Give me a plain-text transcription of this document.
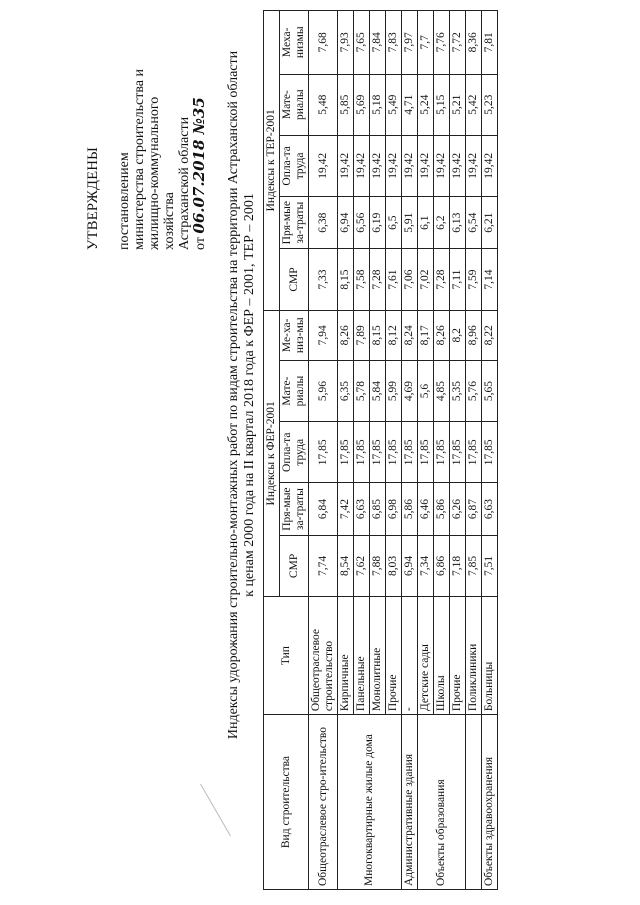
УТВЕРЖДЕНЫ постановлением министерства строительства и жилищно-коммунального хозяйства Астраханской области от 06.07.2018 №35 Индексы удорожания строительно-монтажных работ по видам строительства на территории Астраханской области к ценам 2000 года на II квартал 2018 года к ФЕР – 2001, ТЕР – 2001
Вид строительства	Тип	Индексы к ФЕР-2001					Индексы к ТЕР-2001				
		СМР	Пря-мые за-траты	Опла-та труда	Мате-риалы	Ме-ха-низ-мы	СМР	Пря-мые за-траты	Опла-та труда	Мате-риалы	Меха-низмы
Общеотраслевое стро-ительство	Общеотраслевое строительство	7,74	6,84	17,85	5,96	7,94	7,33	6,38	19,42	5,48	7,68
Многоквартирные жилые дома	Кирпичные	8,54	7,42	17,85	6,35	8,26	8,15	6,94	19,42	5,85	7,93
	Панельные	7,62	6,63	17,85	5,78	7,89	7,58	6,56	19,42	5,69	7,65
	Монолитные	7,88	6,85	17,85	5,84	8,15	7,28	6,19	19,42	5,18	7,84
	Прочие	8,03	6,98	17,85	5,99	8,12	7,61	6,5	19,42	5,49	7,83
Административные здания	-	6,94	5,86	17,85	4,69	8,24	7,06	5,91	19,42	4,71	7,97
Объекты образования	Детские сады	7,34	6,46	17,85	5,6	8,17	7,02	6,1	19,42	5,24	7,7
	Школы	6,86	5,86	17,85	4,85	8,26	7,28	6,2	19,42	5,15	7,76
	Прочие	7,18	6,26	17,85	5,35	8,2	7,11	6,13	19,42	5,21	7,72
	Поликлиники	7,85	6,87	17,85	5,76	8,96	7,59	6,54	19,42	5,42	8,36
Объекты здравоохранения	Больницы	7,51	6,63	17,85	5,65	8,22	7,14	6,21	19,42	5,23	7,81
